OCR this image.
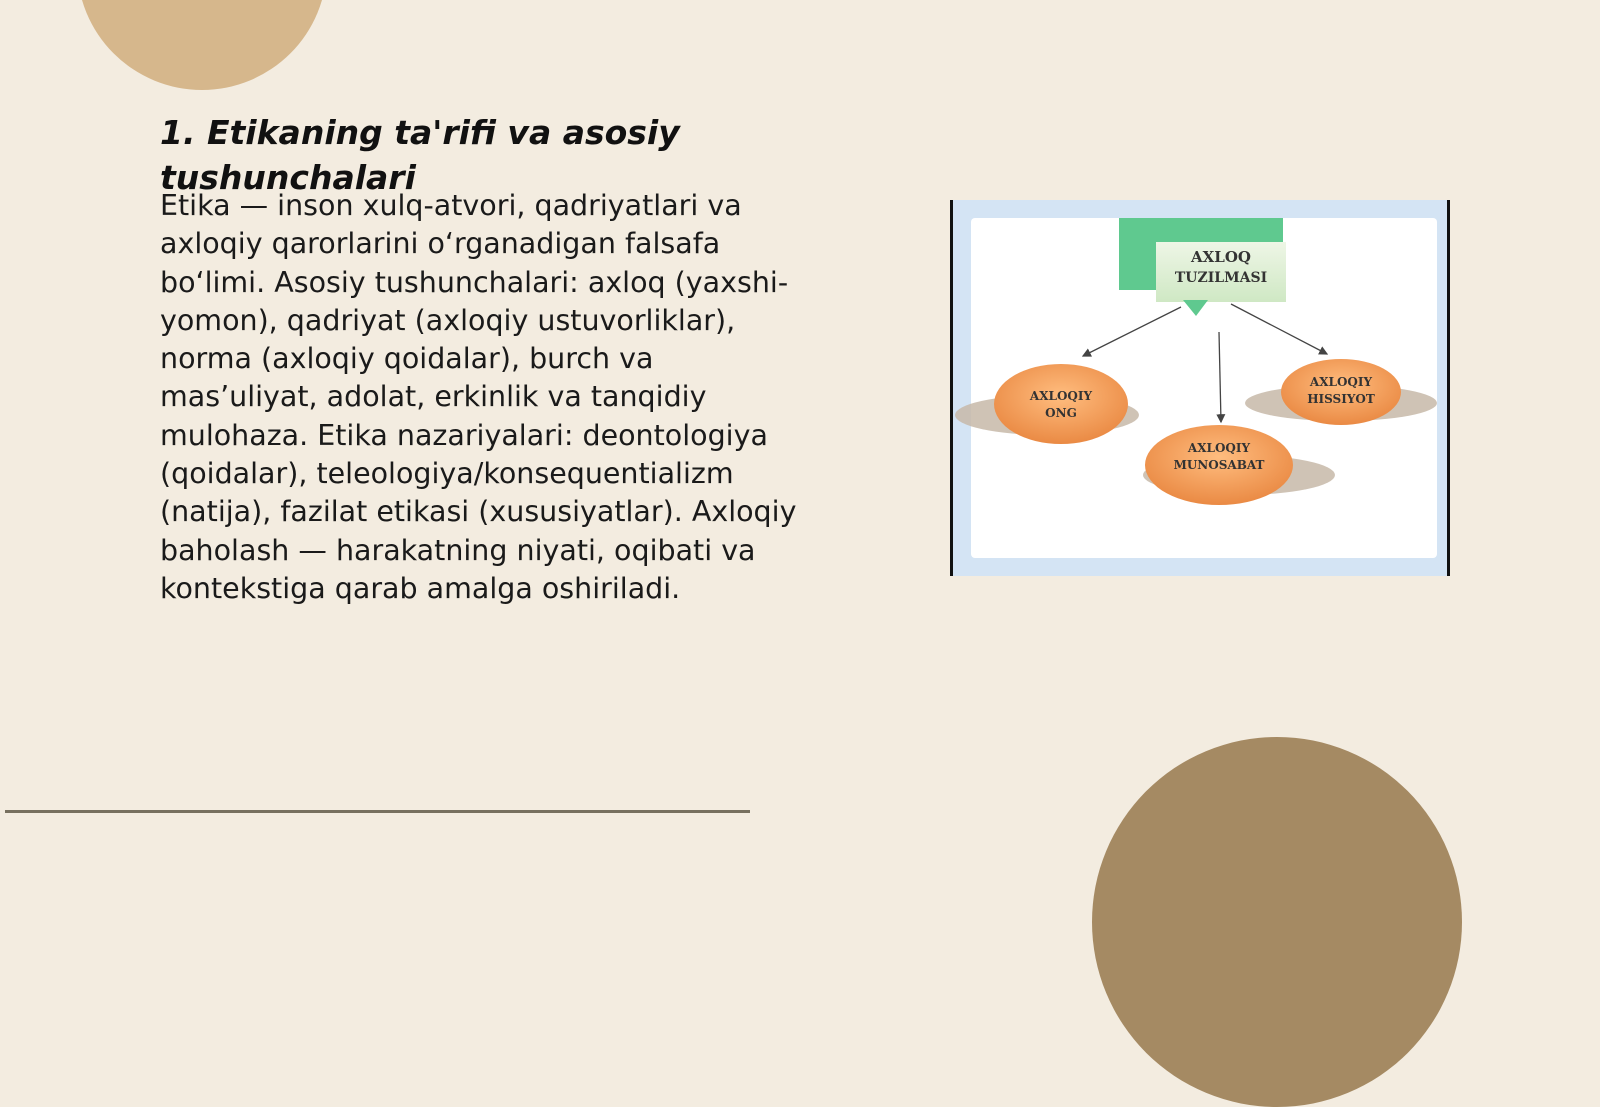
1. Etikaning ta'rifi va asosiy tushunchalari

Etika — inson xulq-atvori, qadriyatlari va axloqiy qarorlarini o‘rganadigan falsafa bo‘limi. Asosiy tushunchalari: axloq (yaxshi-yomon), qadriyat (axloqiy ustuvorliklar), norma (axloqiy qoidalar), burch va mas’uliyat, adolat, erkinlik va tanqidiy mulohaza. Etika nazariyalari: deontologiya (qoidalar), teleologiya/konsequentializm (natija), fazilat etikasi (xususiyatlar). Axloqiy baholash — harakatning niyati, oqibati va kontekstiga qarab amalga oshiriladi.

AXLOQ
TUZILMASI
AXLOQIY
ONG
AXLOQIY
MUNOSABAT
AXLOQIY
HISSIYOT
